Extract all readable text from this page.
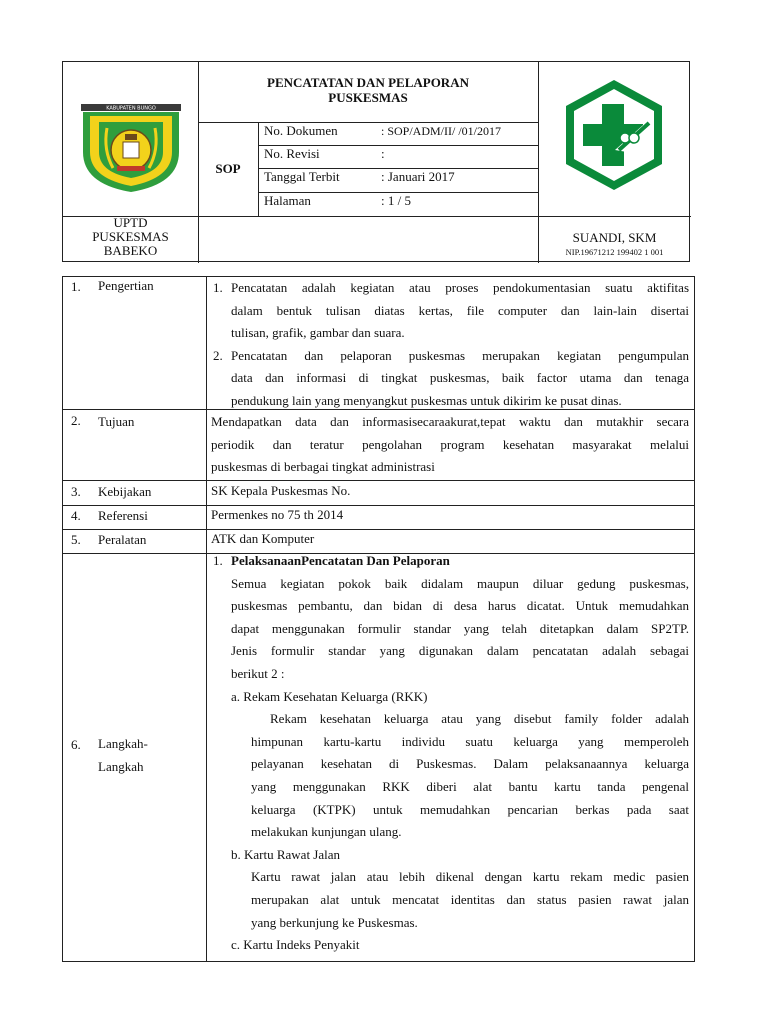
KABUPATEN BUNGO
PENCATATAN DAN PELAPORAN
PUSKESMAS
SOP
No. Dokumen	: SOP/ADM/II/ /01/2017
No. Revisi	:
Tanggal Terbit	: Januari 2017
Halaman	: 1 / 5
UPTD
PUSKESMAS
BABEKO
SUANDI, SKM
NIP.19671212 199402 1 001
1. Pengertian	1. Pencatatan adalah kegiatan atau proses pendokumentasian suatu aktifitas
dalam bentuk tulisan diatas kertas, file computer dan lain-lain disertai
tulisan, grafik, gambar dan suara.
2. Pencatatan dan pelaporan puskesmas merupakan kegiatan pengumpulan
data dan informasi di tingkat puskesmas, baik factor utama dan tenaga
pendukung lain yang menyangkut puskesmas untuk dikirim ke pusat dinas.
2. Tujuan	Mendapatkan data dan informasisecaraakurat,tepat waktu dan mutakhir secara
periodik dan teratur pengolahan program kesehatan masyarakat melalui
puskesmas di berbagai tingkat administrasi
3. Kebijakan	SK Kepala Puskesmas No.
4. Referensi	Permenkes no 75 th 2014
5. Peralatan	ATK dan Komputer
6. Langkah-
Langkah
1. PelaksanaanPencatatan Dan Pelaporan
Semua kegiatan pokok baik didalam maupun diluar gedung puskesmas,
puskesmas pembantu, dan bidan di desa harus dicatat. Untuk memudahkan
dapat menggunakan formulir standar yang telah ditetapkan dalam SP2TP.
Jenis formulir standar yang digunakan dalam pencatatan adalah sebagai
berikut 2 :
a. Rekam Kesehatan Keluarga (RKK)
Rekam kesehatan keluarga atau yang disebut family folder adalah
himpunan kartu-kartu individu suatu keluarga yang memperoleh
pelayanan kesehatan di Puskesmas. Dalam pelaksanaannya keluarga
yang menggunakan RKK diberi alat bantu kartu tanda pengenal
keluarga (KTPK) untuk memudahkan pencarian berkas pada saat
melakukan kunjungan ulang.
b. Kartu Rawat Jalan
Kartu rawat jalan atau lebih dikenal dengan kartu rekam medic pasien
merupakan alat untuk mencatat identitas dan status pasien rawat jalan
yang berkunjung ke Puskesmas.
c. Kartu Indeks Penyakit
